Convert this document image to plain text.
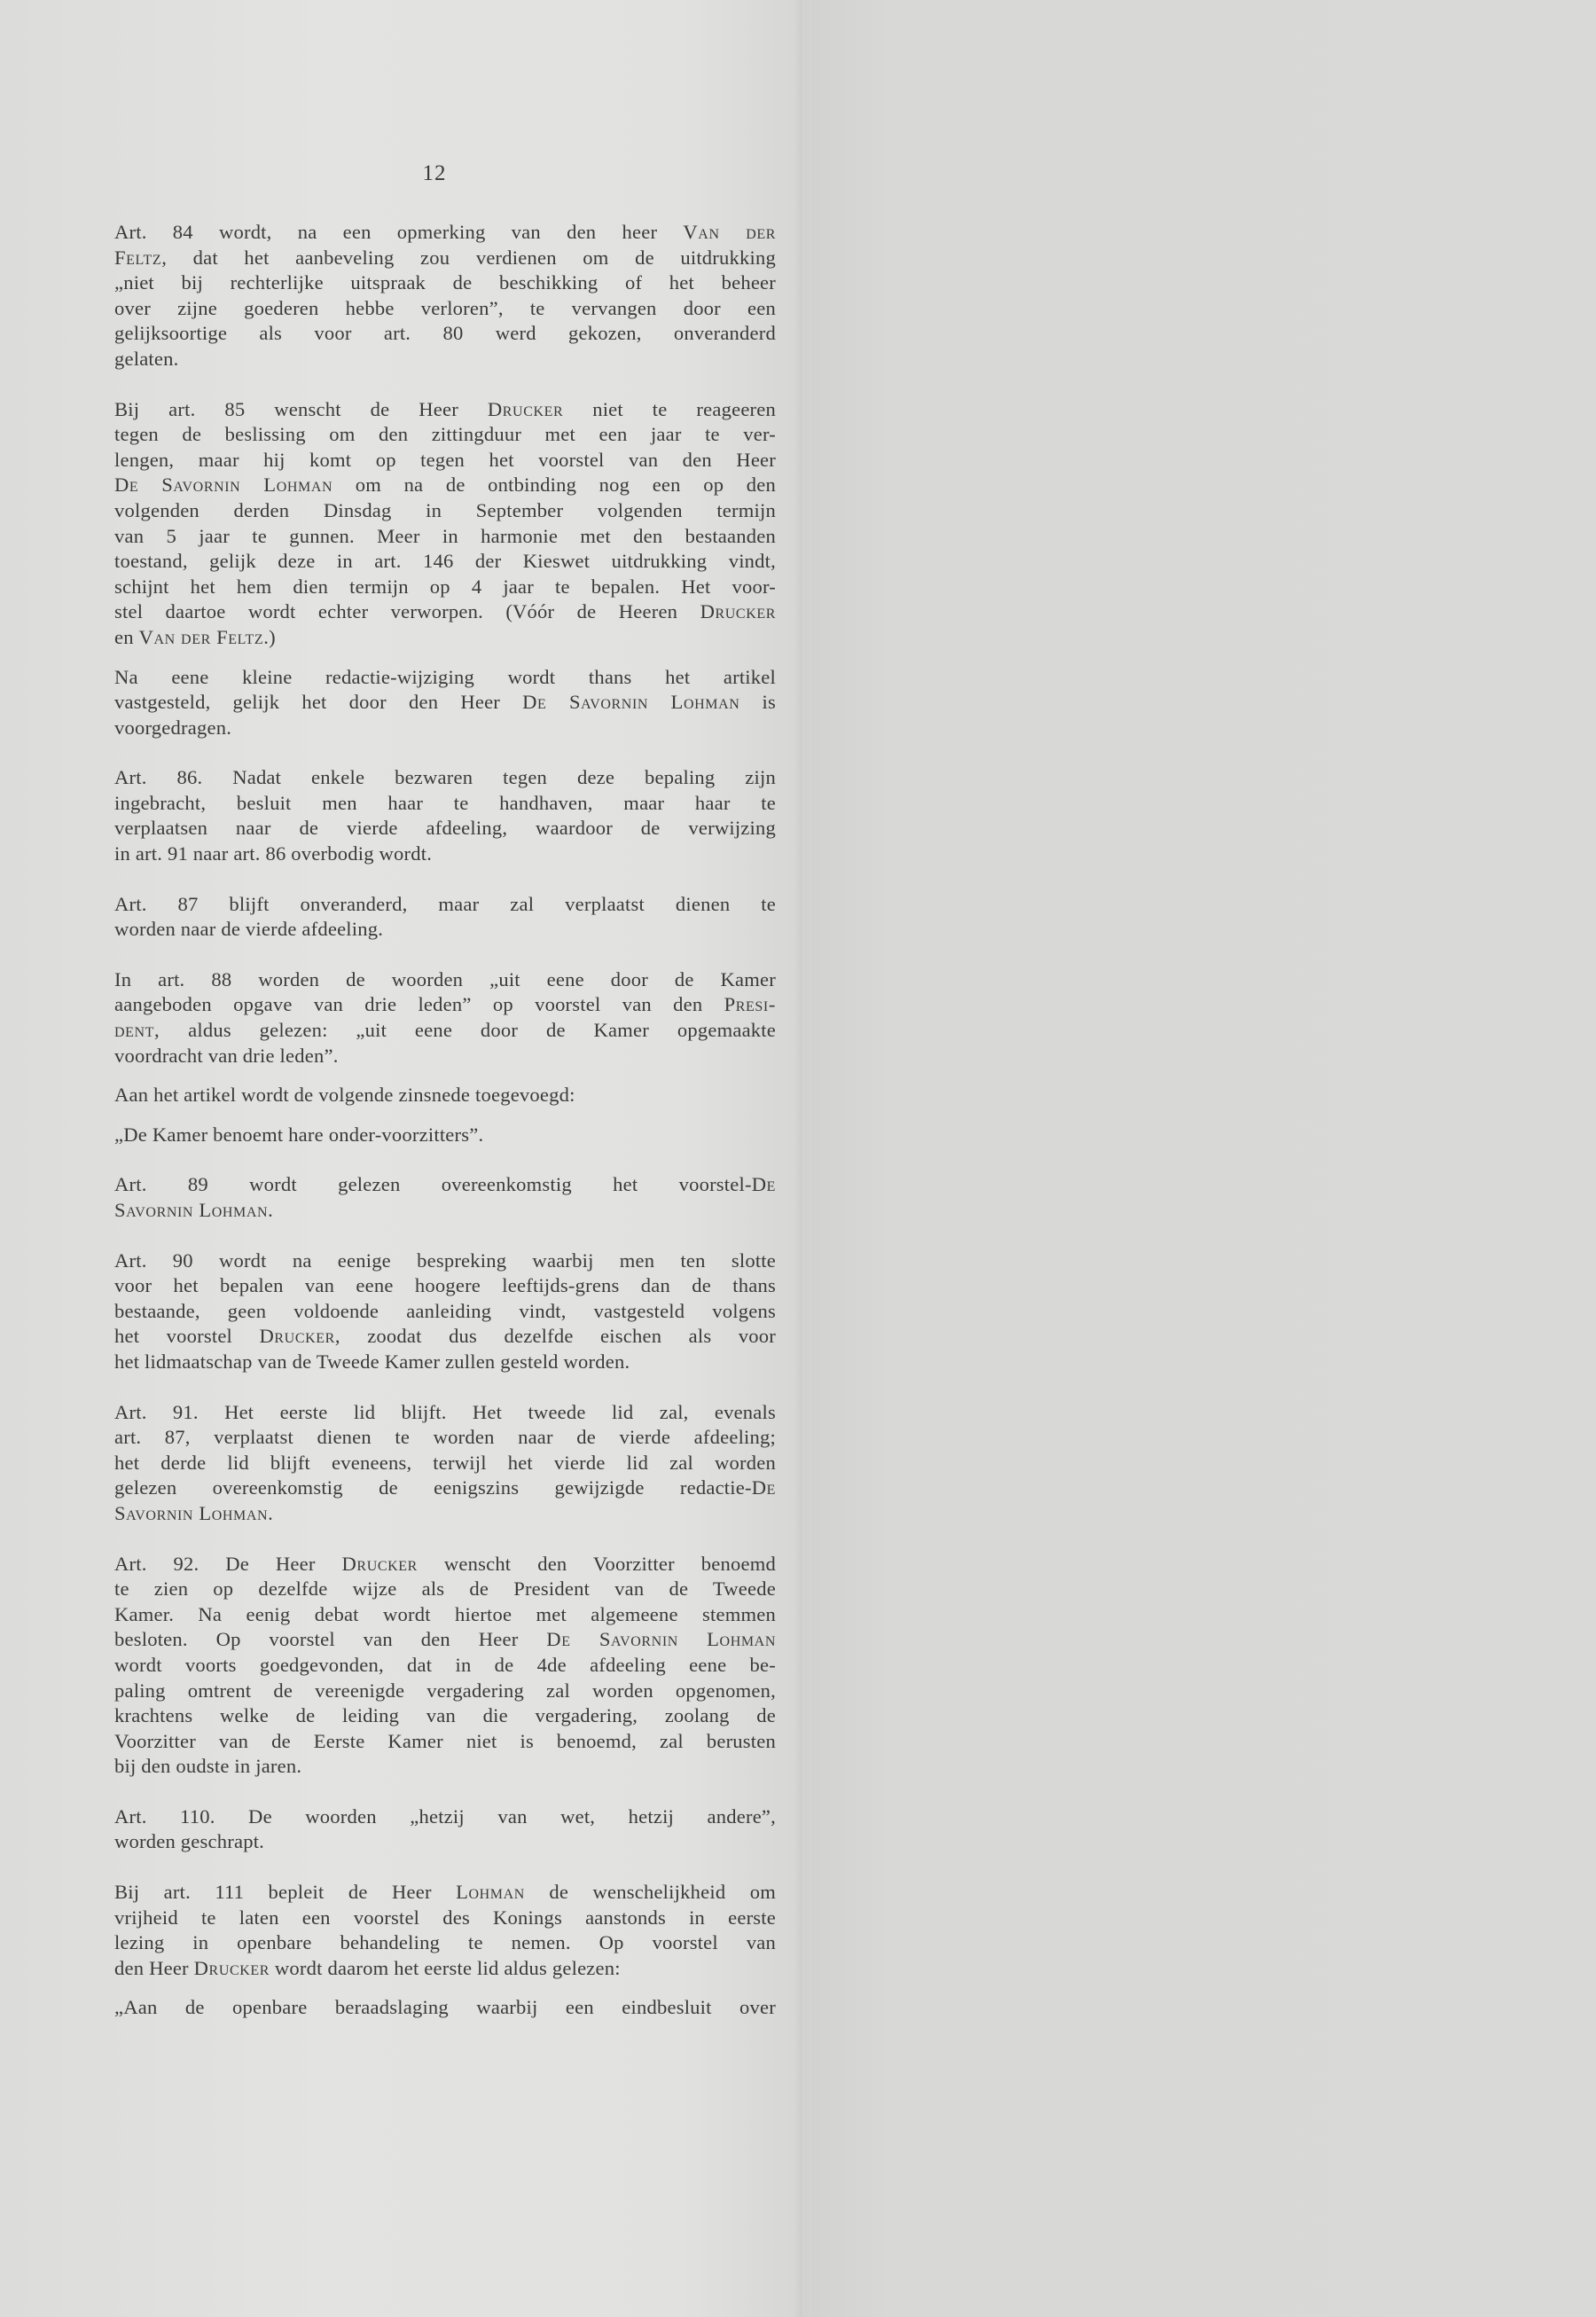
12

Art. 84 wordt, na een opmerking van den heer Van der
Feltz, dat het aanbeveling zou verdienen om de uitdrukking
„niet bij rechterlijke uitspraak de beschikking of het beheer
over zijne goederen hebbe verloren”, te vervangen door een
gelijksoortige als voor art. 80 werd gekozen, onveranderd
gelaten.

Bij art. 85 wenscht de Heer Drucker niet te reageeren
tegen de beslissing om den zittingduur met een jaar te ver-
lengen, maar hij komt op tegen het voorstel van den Heer
De Savornin Lohman om na de ontbinding nog een op den
volgenden derden Dinsdag in September volgenden termijn
van 5 jaar te gunnen. Meer in harmonie met den bestaanden
toestand, gelijk deze in art. 146 der Kieswet uitdrukking vindt,
schijnt het hem dien termijn op 4 jaar te bepalen. Het voor-
stel daartoe wordt echter verworpen. (Vóór de Heeren Drucker
en Van der Feltz.)

Na eene kleine redactie-wijziging wordt thans het artikel
vastgesteld, gelijk het door den Heer De Savornin Lohman is
voorgedragen.

Art. 86. Nadat enkele bezwaren tegen deze bepaling zijn
ingebracht, besluit men haar te handhaven, maar haar te
verplaatsen naar de vierde afdeeling, waardoor de verwijzing
in art. 91 naar art. 86 overbodig wordt.

Art. 87 blijft onveranderd, maar zal verplaatst dienen te
worden naar de vierde afdeeling.

In art. 88 worden de woorden „uit eene door de Kamer
aangeboden opgave van drie leden” op voorstel van den Presi-
dent, aldus gelezen: „uit eene door de Kamer opgemaakte
voordracht van drie leden”.

Aan het artikel wordt de volgende zinsnede toegevoegd:

„De Kamer benoemt hare onder-voorzitters”.

Art. 89 wordt gelezen overeenkomstig het voorstel-De
Savornin Lohman.

Art. 90 wordt na eenige bespreking waarbij men ten slotte
voor het bepalen van eene hoogere leeftijds-grens dan de thans
bestaande, geen voldoende aanleiding vindt, vastgesteld volgens
het voorstel Drucker, zoodat dus dezelfde eischen als voor
het lidmaatschap van de Tweede Kamer zullen gesteld worden.

Art. 91. Het eerste lid blijft. Het tweede lid zal, evenals
art. 87, verplaatst dienen te worden naar de vierde afdeeling;
het derde lid blijft eveneens, terwijl het vierde lid zal worden
gelezen overeenkomstig de eenigszins gewijzigde redactie-De
Savornin Lohman.

Art. 92. De Heer Drucker wenscht den Voorzitter benoemd
te zien op dezelfde wijze als de President van de Tweede
Kamer. Na eenig debat wordt hiertoe met algemeene stemmen
besloten. Op voorstel van den Heer De Savornin Lohman
wordt voorts goedgevonden, dat in de 4de afdeeling eene be-
paling omtrent de vereenigde vergadering zal worden opgenomen,
krachtens welke de leiding van die vergadering, zoolang de
Voorzitter van de Eerste Kamer niet is benoemd, zal berusten
bij den oudste in jaren.

Art. 110. De woorden „hetzij van wet, hetzij andere”,
worden geschrapt.

Bij art. 111 bepleit de Heer Lohman de wenschelijkheid om
vrijheid te laten een voorstel des Konings aanstonds in eerste
lezing in openbare behandeling te nemen. Op voorstel van
den Heer Drucker wordt daarom het eerste lid aldus gelezen:

„Aan de openbare beraadslaging waarbij een eindbesluit over
